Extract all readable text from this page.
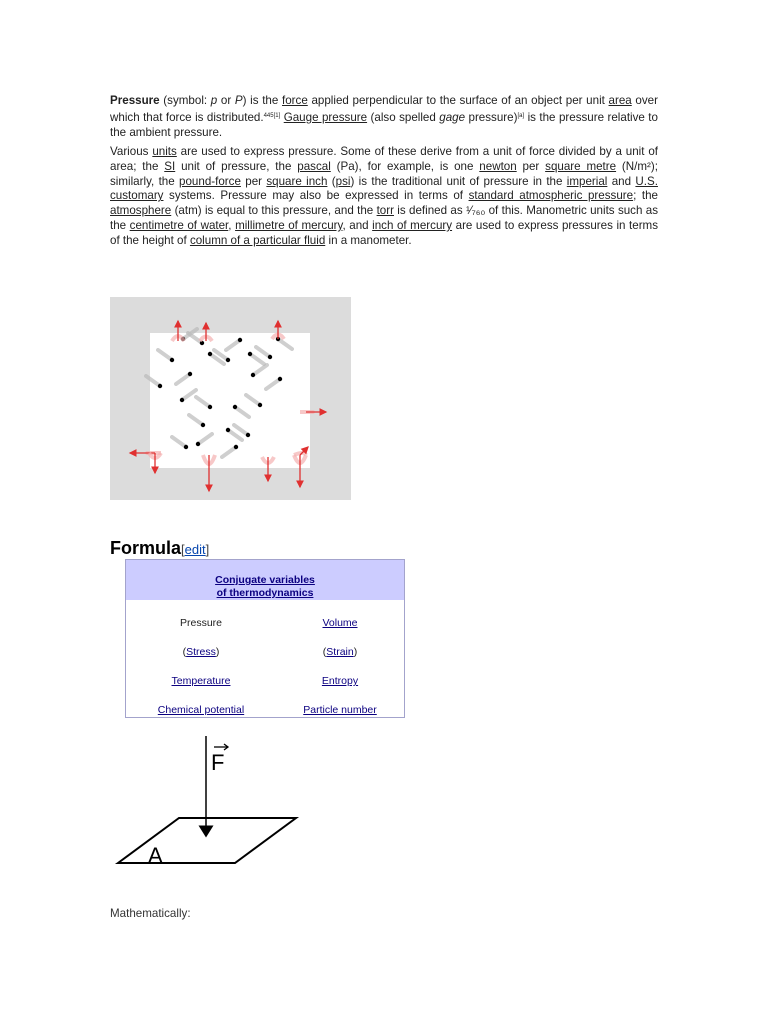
Pressure (symbol: p or P) is the force applied perpendicular to the surface of an object per unit area over which that force is distributed.$^{445[1]}$ Gauge pressure (also spelled gage pressure)[a] is the pressure relative to the ambient pressure.

Various units are used to express pressure. Some of these derive from a unit of force divided by a unit of area; the SI unit of pressure, the pascal (Pa), for example, is one newton per square metre (N/m²); similarly, the pound-force per square inch (psi) is the traditional unit of pressure in the imperial and U.S. customary systems. Pressure may also be expressed in terms of standard atmospheric pressure; the atmosphere (atm) is equal to this pressure, and the torr is defined as ¹⁄₇₆₀ of this. Manometric units such as the centimetre of water, millimetre of mercury, and inch of mercury are used to express pressures in terms of the height of column of a particular fluid in a manometer.

Formula[edit]
Conjugate variables
of thermodynamics
Pressure	Volume
(Stress)	(Strain)
Temperature	Entropy
Chemical potential	Particle number
F
A
Mathematically:
